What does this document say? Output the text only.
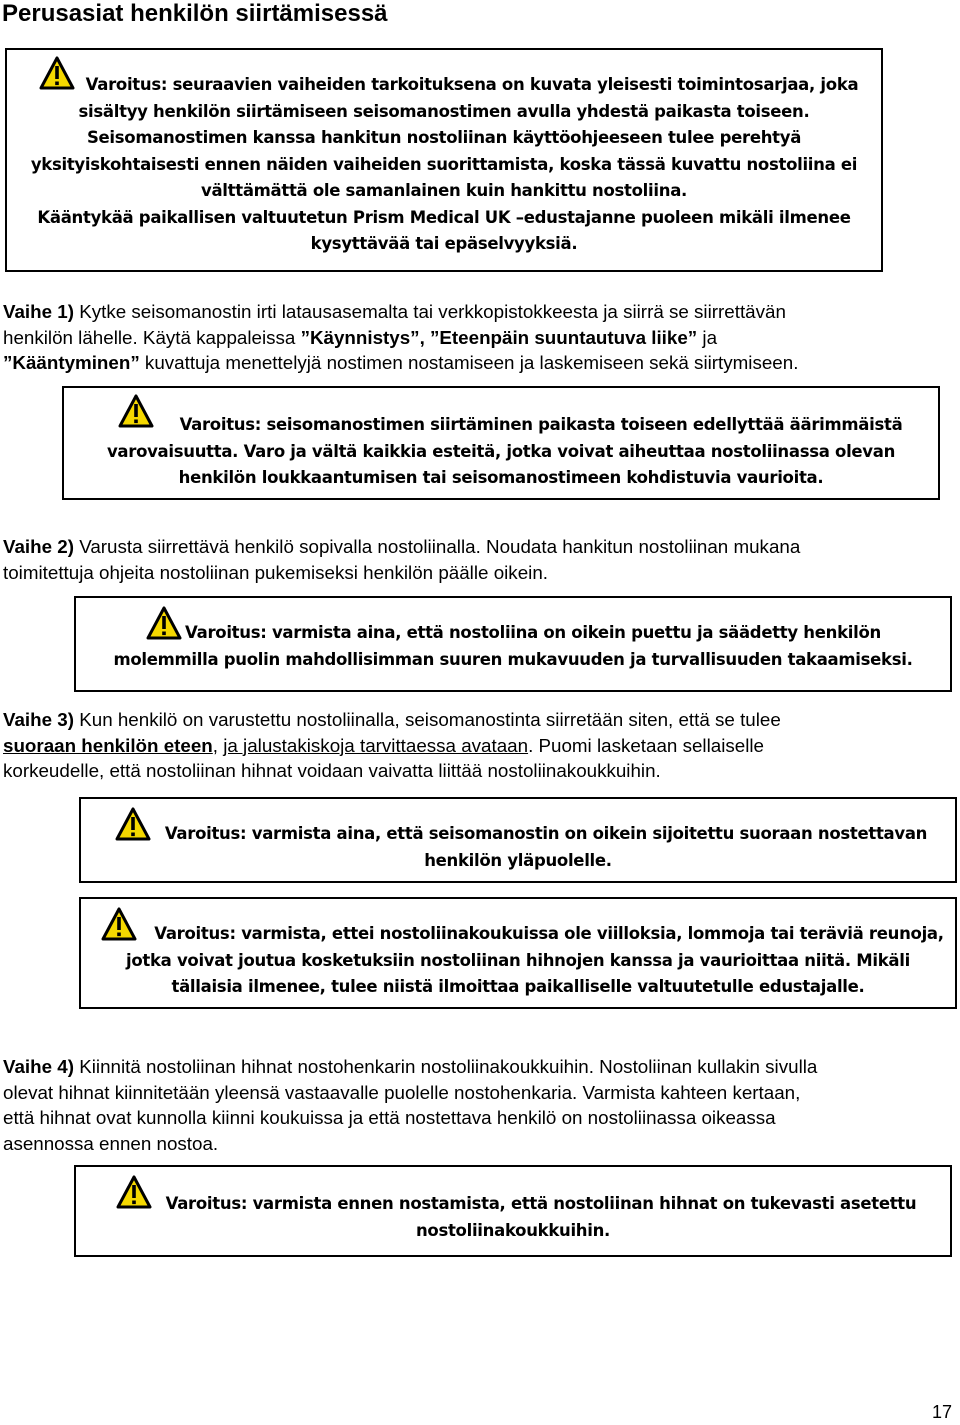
Perusasiat henkilön siirtämisessä
Varoitus: seuraavien vaiheiden tarkoituksena on kuvata yleisesti toimintosarjaa, joka
sisältyy henkilön siirtämiseen seisomanostimen avulla yhdestä paikasta toiseen.
Seisomanostimen kanssa hankitun nostoliinan käyttöohjeeseen tulee perehtyä
yksityiskohtaisesti ennen näiden vaiheiden suorittamista, koska tässä kuvattu nostoliina ei
välttämättä ole samanlainen kuin hankittu nostoliina.
Kääntykää paikallisen valtuutetun Prism Medical UK –edustajanne puoleen mikäli ilmenee
kysyttävää tai epäselvyyksiä.
Vaihe 1) Kytke seisomanostin irti latausasemalta tai verkkopistokkeesta ja siirrä se siirrettävän
henkilön lähelle. Käytä kappaleissa ”Käynnistys”, ”Eteenpäin suuntautuva liike” ja
”Kääntyminen” kuvattuja menettelyjä nostimen nostamiseen ja laskemiseen sekä siirtymiseen.
Varoitus: seisomanostimen siirtäminen paikasta toiseen edellyttää äärimmäistä
varovaisuutta. Varo ja vältä kaikkia esteitä, jotka voivat aiheuttaa nostoliinassa olevan
henkilön loukkaantumisen tai seisomanostimeen kohdistuvia vaurioita.
Vaihe 2) Varusta siirrettävä henkilö sopivalla nostoliinalla. Noudata hankitun nostoliinan mukana
toimitettuja ohjeita nostoliinan pukemiseksi henkilön päälle oikein.
Varoitus: varmista aina, että nostoliina on oikein puettu ja säädetty henkilön
molemmilla puolin mahdollisimman suuren mukavuuden ja turvallisuuden takaamiseksi.
Vaihe 3) Kun henkilö on varustettu nostoliinalla, seisomanostinta siirretään siten, että se tulee
suoraan henkilön eteen, ja jalustakiskoja tarvittaessa avataan. Puomi lasketaan sellaiselle
korkeudelle, että nostoliinan hihnat voidaan vaivatta liittää nostoliinakoukkuihin.
Varoitus: varmista aina, että seisomanostin on oikein sijoitettu suoraan nostettavan
henkilön yläpuolelle.
Varoitus: varmista, ettei nostoliinakoukuissa ole viilloksia, lommoja tai teräviä reunoja,
jotka voivat joutua kosketuksiin nostoliinan hihnojen kanssa ja vaurioittaa niitä. Mikäli
tällaisia ilmenee, tulee niistä ilmoittaa paikalliselle valtuutetulle edustajalle.
Vaihe 4) Kiinnitä nostoliinan hihnat nostohenkarin nostoliinakoukkuihin. Nostoliinan kullakin sivulla
olevat hihnat kiinnitetään yleensä vastaavalle puolelle nostohenkaria. Varmista kahteen kertaan,
että hihnat ovat kunnolla kiinni koukuissa ja että nostettava henkilö on nostoliinassa oikeassa
asennossa ennen nostoa.
Varoitus: varmista ennen nostamista, että nostoliinan hihnat on tukevasti asetettu
nostoliinakoukkuihin.
17
